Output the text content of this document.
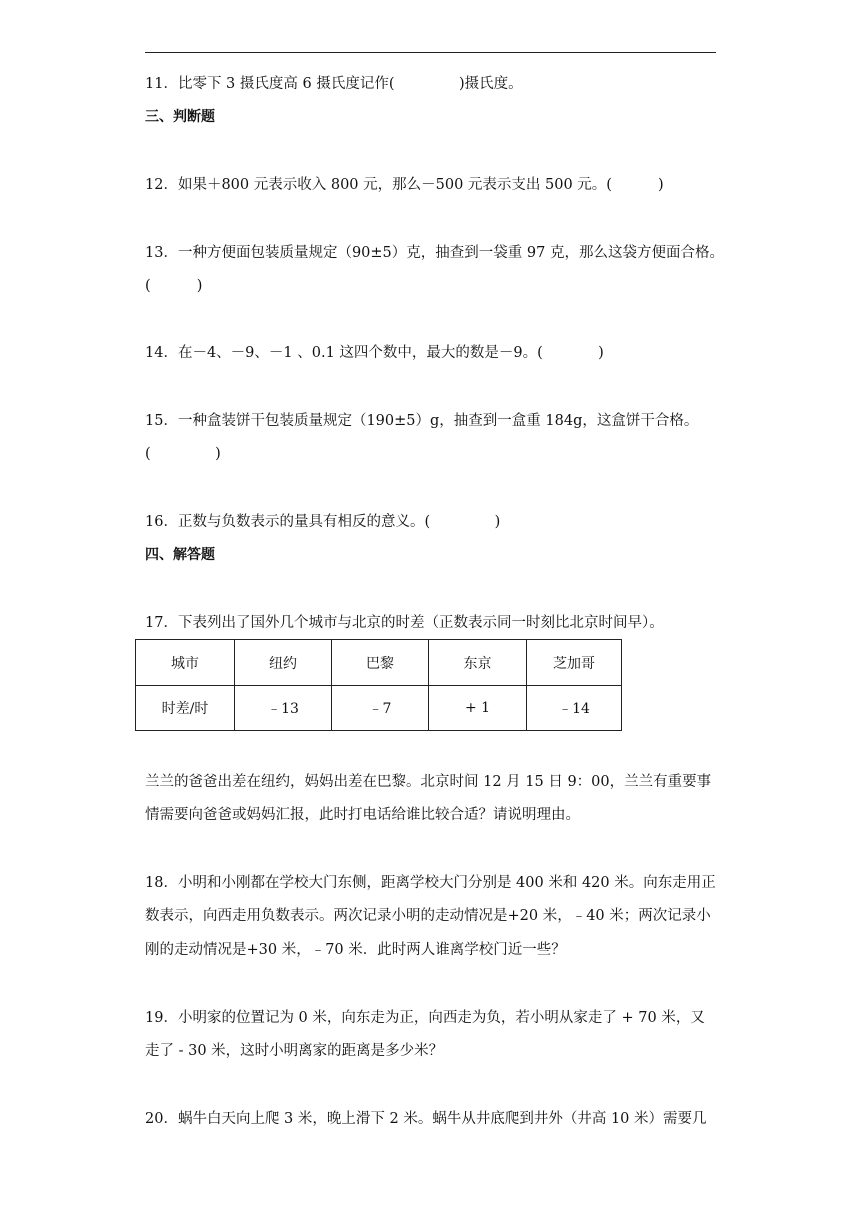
11．比零下 3 摄氏度高 6 摄氏度记作(              )摄氏度。
三、判断题
12．如果＋800 元表示收入 800 元，那么－500 元表示支出 500 元。(          )
13．一种方便面包装质量规定（90±5）克，抽查到一袋重 97 克，那么这袋方便面合格。
(          )
14．在－4、－9、－1 、0.1 这四个数中，最大的数是－9。(            )
15．一种盒装饼干包装质量规定（190±5）g，抽查到一盒重 184g，这盒饼干合格。
(              )
16．正数与负数表示的量具有相反的意义。(              )
四、解答题
17．下表列出了国外几个城市与北京的时差（正数表示同一时刻比北京时间早）。
城市	纽约	巴黎	东京	芝加哥
时差/时	﹣13	﹣7	+ 1	﹣14
兰兰的爸爸出差在纽约，妈妈出差在巴黎。北京时间 12 月 15 日 9：00，兰兰有重要事
情需要向爸爸或妈妈汇报，此时打电话给谁比较合适？请说明理由。
18．小明和小刚都在学校大门东侧，距离学校大门分别是 400 米和 420 米。向东走用正
数表示，向西走用负数表示。两次记录小明的走动情况是+20 米，﹣40 米；两次记录小
刚的走动情况是+30 米，﹣70 米．此时两人谁离学校门近一些？
19．小明家的位置记为 0 米，向东走为正，向西走为负，若小明从家走了 + 70 米，又
走了 - 30 米，这时小明离家的距离是多少米？
20．蜗牛白天向上爬 3 米，晚上滑下 2 米。蜗牛从井底爬到井外（井高 10 米）需要几
